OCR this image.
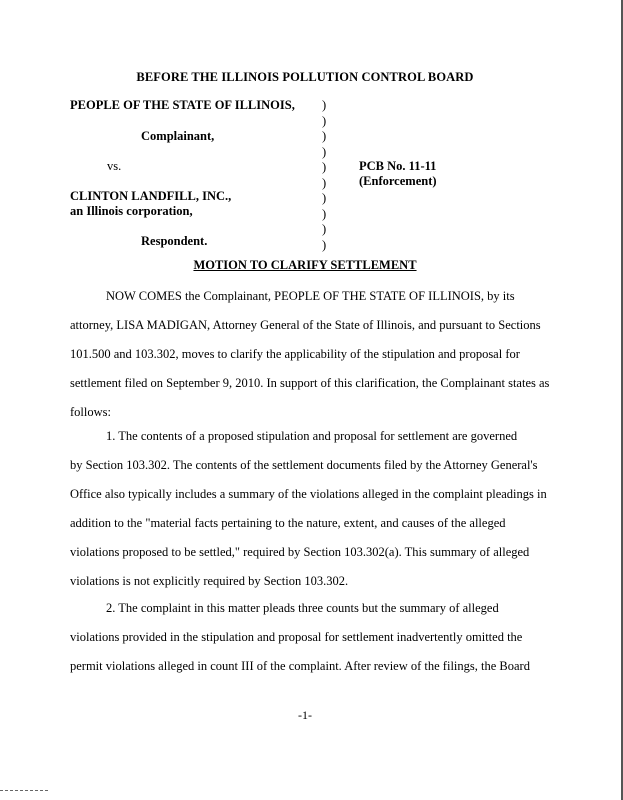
BEFORE THE ILLINOIS POLLUTION CONTROL BOARD
PEOPLE OF THE STATE OF ILLINOIS,
Complainant,
vs.
CLINTON LANDFILL, INC.,
an Illinois corporation,
Respondent.
)
)
)
)
)
)
)
)
)
)
PCB No. 11-11
(Enforcement)
MOTION TO CLARIFY SETTLEMENT
NOW COMES the Complainant, PEOPLE OF THE STATE OF ILLINOIS, by its
attorney, LISA MADIGAN, Attorney General of the State of Illinois, and pursuant to Sections
101.500 and 103.302, moves to clarify the applicability of the stipulation and proposal for
settlement filed on September 9, 2010. In support of this clarification, the Complainant states as
follows:
1. The contents of a proposed stipulation and proposal for settlement are governed
by Section 103.302. The contents of the settlement documents filed by the Attorney General's
Office also typically includes a summary of the violations alleged in the complaint pleadings in
addition to the "material facts pertaining to the nature, extent, and causes of the alleged
violations proposed to be settled," required by Section 103.302(a). This summary of alleged
violations is not explicitly required by Section 103.302.
2. The complaint in this matter pleads three counts but the summary of alleged
violations provided in the stipulation and proposal for settlement inadvertently omitted the
permit violations alleged in count III of the complaint. After review of the filings, the Board
-1-
